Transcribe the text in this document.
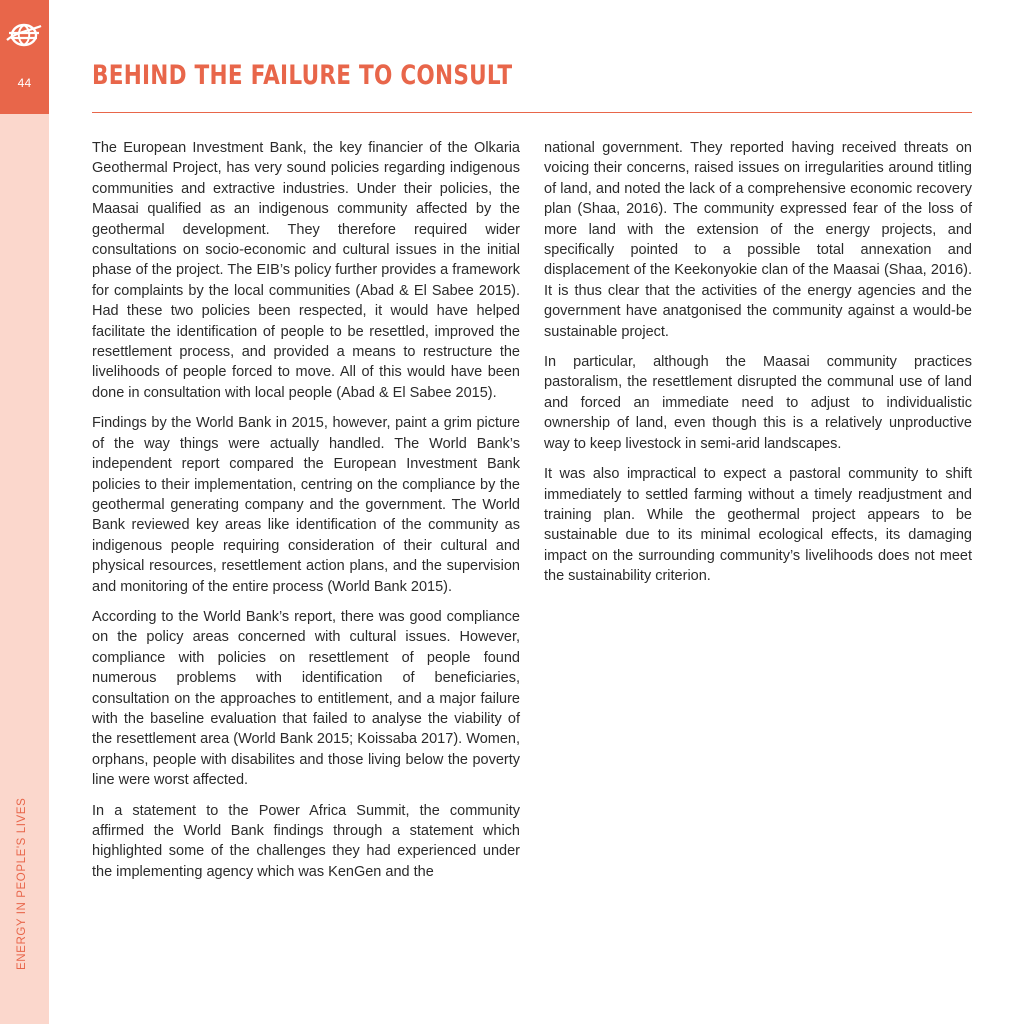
44
ENERGY IN PEOPLE'S LIVES
BEHIND THE FAILURE TO CONSULT

The European Investment Bank, the key financier of the Olkaria Geothermal Project, has very sound policies regarding indigenous communities and extractive industries. Under their policies, the Maasai qualified as an indigenous community affected by the geothermal development. They therefore required wider consultations on socio-economic and cultural issues in the initial phase of the project. The EIB’s policy further provides a framework for complaints by the local communities (Abad & El Sabee 2015). Had these two policies been respected, it would have helped facilitate the identification of people to be resettled, improved the resettlement process, and provided a means to restructure the livelihoods of people forced to move. All of this would have been done in consultation with local people (Abad & El Sabee 2015).

Findings by the World Bank in 2015, however, paint a grim picture of the way things were actually handled. The World Bank’s independent report compared the European Investment Bank policies to their implementation, centring on the compliance by the geothermal generating company and the government. The World Bank reviewed key areas like identification of the community as indigenous people requiring consideration of their cultural and physical resources, resettlement action plans, and the supervision and monitoring of the entire process (World Bank 2015).

According to the World Bank’s report, there was good compliance on the policy areas concerned with cultural issues. However, compliance with policies on resettlement of people found numerous problems with identification of beneficiaries, consultation on the approaches to entitlement, and a major failure with the baseline evaluation that failed to analyse the viability of the resettlement area (World Bank 2015; Koissaba 2017). Women, orphans, people with disabilites and those living below the poverty line were worst affected.

In a statement to the Power Africa Summit, the community affirmed the World Bank findings through a statement which highlighted some of the challenges they had experienced under the implementing agency which was KenGen and the

national government. They reported having received threats on voicing their concerns, raised issues on irregularities around titling of land, and noted the lack of a comprehensive economic recovery plan (Shaa, 2016). The community expressed fear of the loss of more land with the extension of the energy projects, and specifically pointed to a possible total annexation and displacement of the Keekonyokie clan of the Maasai (Shaa, 2016). It is thus clear that the activities of the energy agencies and the government have anatgonised the community against a would-be sustainable project.

In particular, although the Maasai community practices pastoralism, the resettlement disrupted the communal use of land and forced an immediate need to adjust to individualistic ownership of land, even though this is a relatively unproductive way to keep livestock in semi-arid landscapes.

It was also impractical to expect a pastoral community to shift immediately to settled farming without a timely readjustment and training plan. While the geothermal project appears to be sustainable due to its minimal ecological effects, its damaging impact on the surrounding community’s livelihoods does not meet the sustainability criterion.
